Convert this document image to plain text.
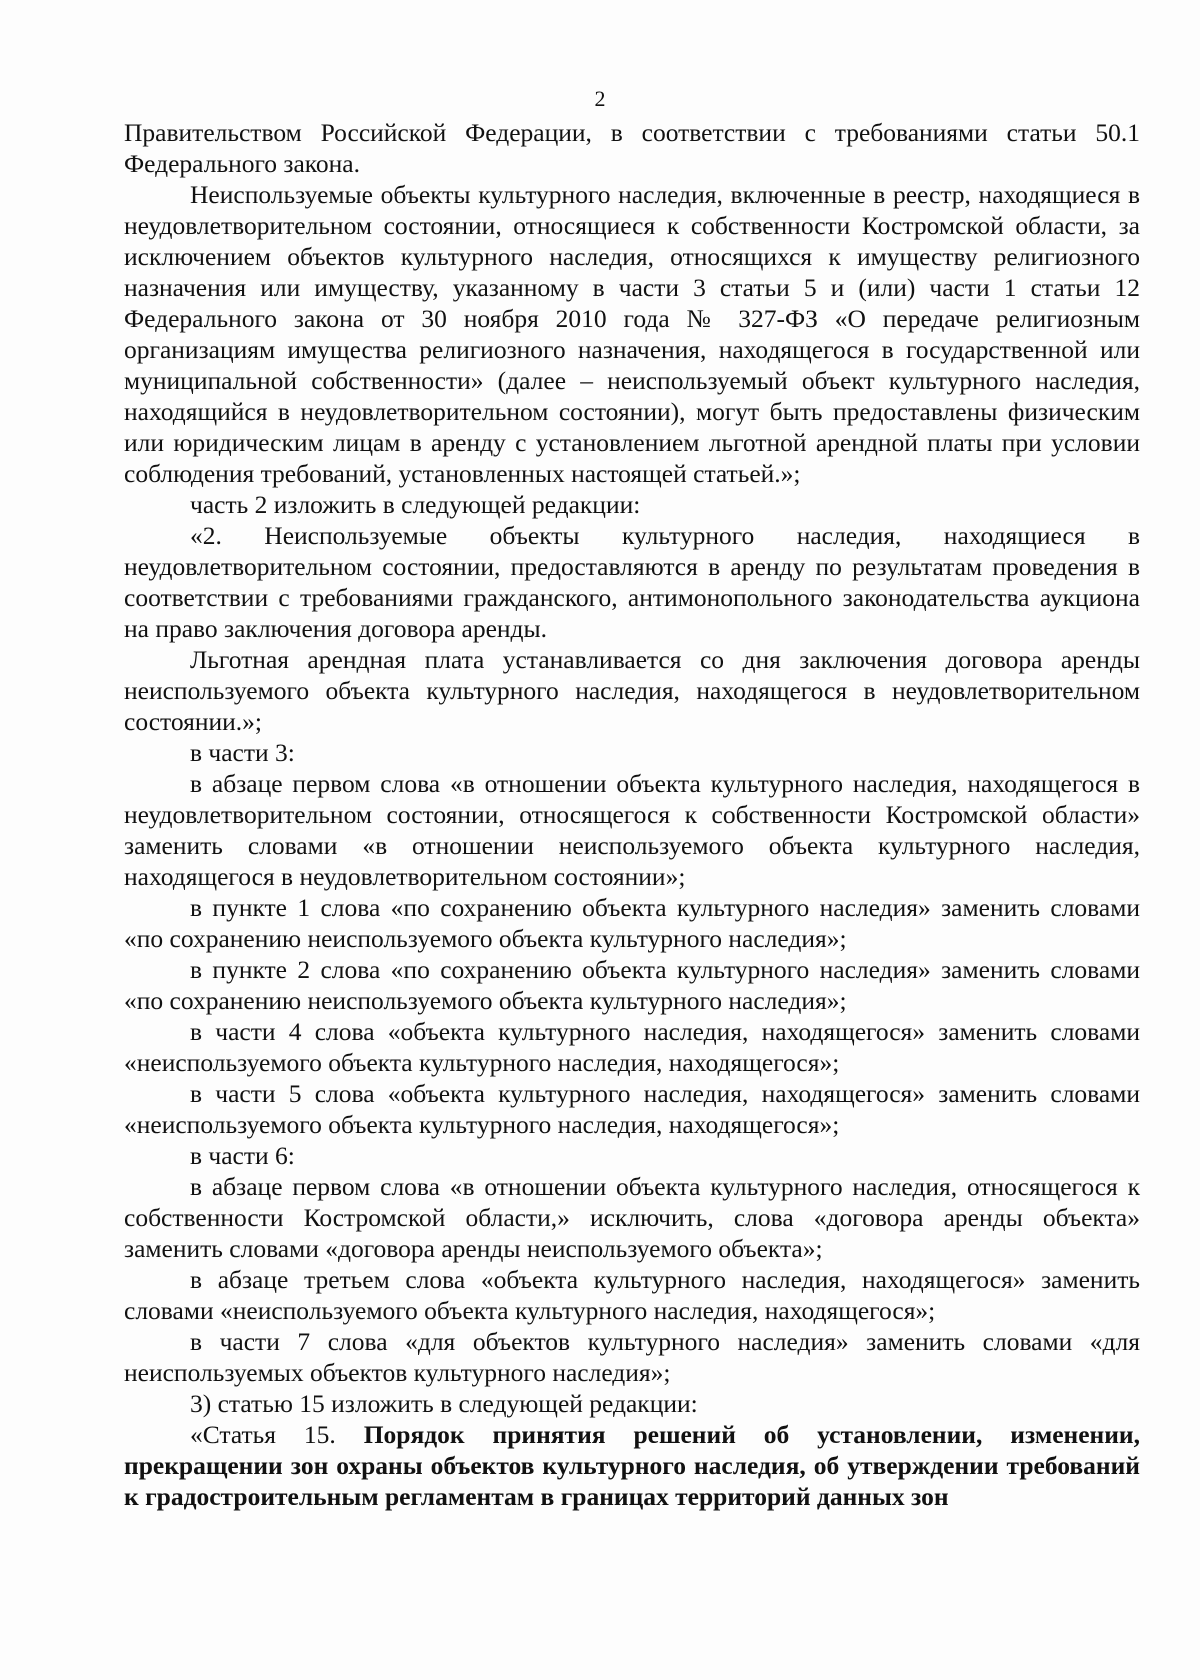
2

Правительством Российской Федерации, в соответствии с требованиями статьи 50.1 Федерального закона.

Неиспользуемые объекты культурного наследия, включенные в реестр, находящиеся в неудовлетворительном состоянии, относящиеся к собственности Костромской области, за исключением объектов культурного наследия, относящихся к имуществу религиозного назначения или имуществу, указанному в части 3 статьи 5 и (или) части 1 статьи 12 Федерального закона от 30 ноября 2010 года № 327-ФЗ «О передаче религиозным организациям имущества религиозного назначения, находящегося в государственной или муниципальной собственности» (далее – неиспользуемый объект культурного наследия, находящийся в неудовлетворительном состоянии), могут быть предоставлены физическим или юридическим лицам в аренду с установлением льготной арендной платы при условии соблюдения требований, установленных настоящей статьей.»;

часть 2 изложить в следующей редакции:

«2. Неиспользуемые объекты культурного наследия, находящиеся в неудовлетворительном состоянии, предоставляются в аренду по результатам проведения в соответствии с требованиями гражданского, антимонопольного законодательства аукциона на право заключения договора аренды.

Льготная арендная плата устанавливается со дня заключения договора аренды неиспользуемого объекта культурного наследия, находящегося в неудовлетворительном состоянии.»;

в части 3:

в абзаце первом слова «в отношении объекта культурного наследия, находящегося в неудовлетворительном состоянии, относящегося к собственности Костромской области» заменить словами «в отношении неиспользуемого объекта культурного наследия, находящегося в неудовлетворительном состоянии»;

в пункте 1 слова «по сохранению объекта культурного наследия» заменить словами «по сохранению неиспользуемого объекта культурного наследия»;

в пункте 2 слова «по сохранению объекта культурного наследия» заменить словами «по сохранению неиспользуемого объекта культурного наследия»;

в части 4 слова «объекта культурного наследия, находящегося» заменить словами «неиспользуемого объекта культурного наследия, находящегося»;

в части 5 слова «объекта культурного наследия, находящегося» заменить словами «неиспользуемого объекта культурного наследия, находящегося»;

в части 6:

в абзаце первом слова «в отношении объекта культурного наследия, относящегося к собственности Костромской области,» исключить, слова «договора аренды объекта» заменить словами «договора аренды неиспользуемого объекта»;

в абзаце третьем слова «объекта культурного наследия, находящегося» заменить словами «неиспользуемого объекта культурного наследия, находящегося»;

в части 7 слова «для объектов культурного наследия» заменить словами «для неиспользуемых объектов культурного наследия»;

3) статью 15 изложить в следующей редакции:

«Статья 15. Порядок принятия решений об установлении, изменении, прекращении зон охраны объектов культурного наследия, об утверждении требований к градостроительным регламентам в границах территорий данных зон
